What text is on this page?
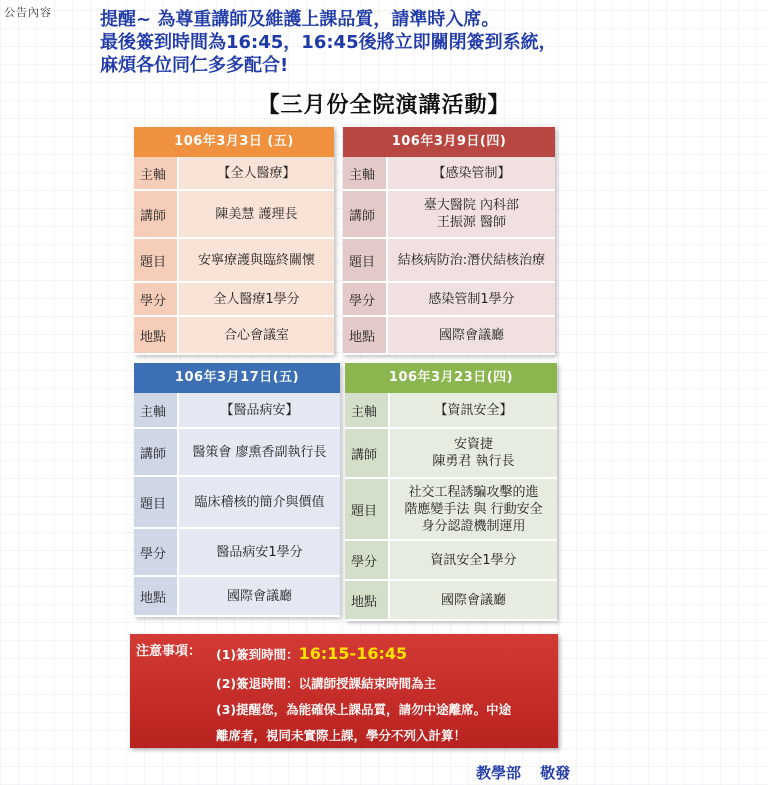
公告內容	提醒~ 為尊重講師及維護上課品質，請準時入席。
最後簽到時間為16:45，16:45後將立即關閉簽到系統，
麻煩各位同仁多多配合!
【三月份全院演講活動】
106年3月3日 (五)
主軸	【全人醫療】
講師	陳美慧 護理長

題目	安寧療護與臨終關懷

學分	全人醫療1學分
地點	合心會議室
106年3月9日(四)
主軸	【感染管制】
講師	臺大醫院 內科部
王振源 醫師

題目	結核病防治:潛伏結核治療

學分	感染管制1學分
地點	國際會議廳
106年3月17日(五)
主軸	【醫品病安】
講師	醫策會 廖熏香副執行長

題目	臨床稽核的簡介與價值

學分	醫品病安1學分
地點	國際會議廳
106年3月23日(四)
主軸	【資訊安全】
講師	安資捷
陳勇君 執行長

題目	社交工程誘騙攻擊的進
階應變手法 與 行動安全
身分認證機制運用

學分	資訊安全1學分
地點	國際會議廳
注意事項： (1)簽到時間：16:15-16:45
(2)簽退時間：以講師授課結束時間為主
(3)提醒您，為能確保上課品質，請勿中途離席。中途
離席者，視同未實際上課，學分不列入計算！
教學部 敬發
